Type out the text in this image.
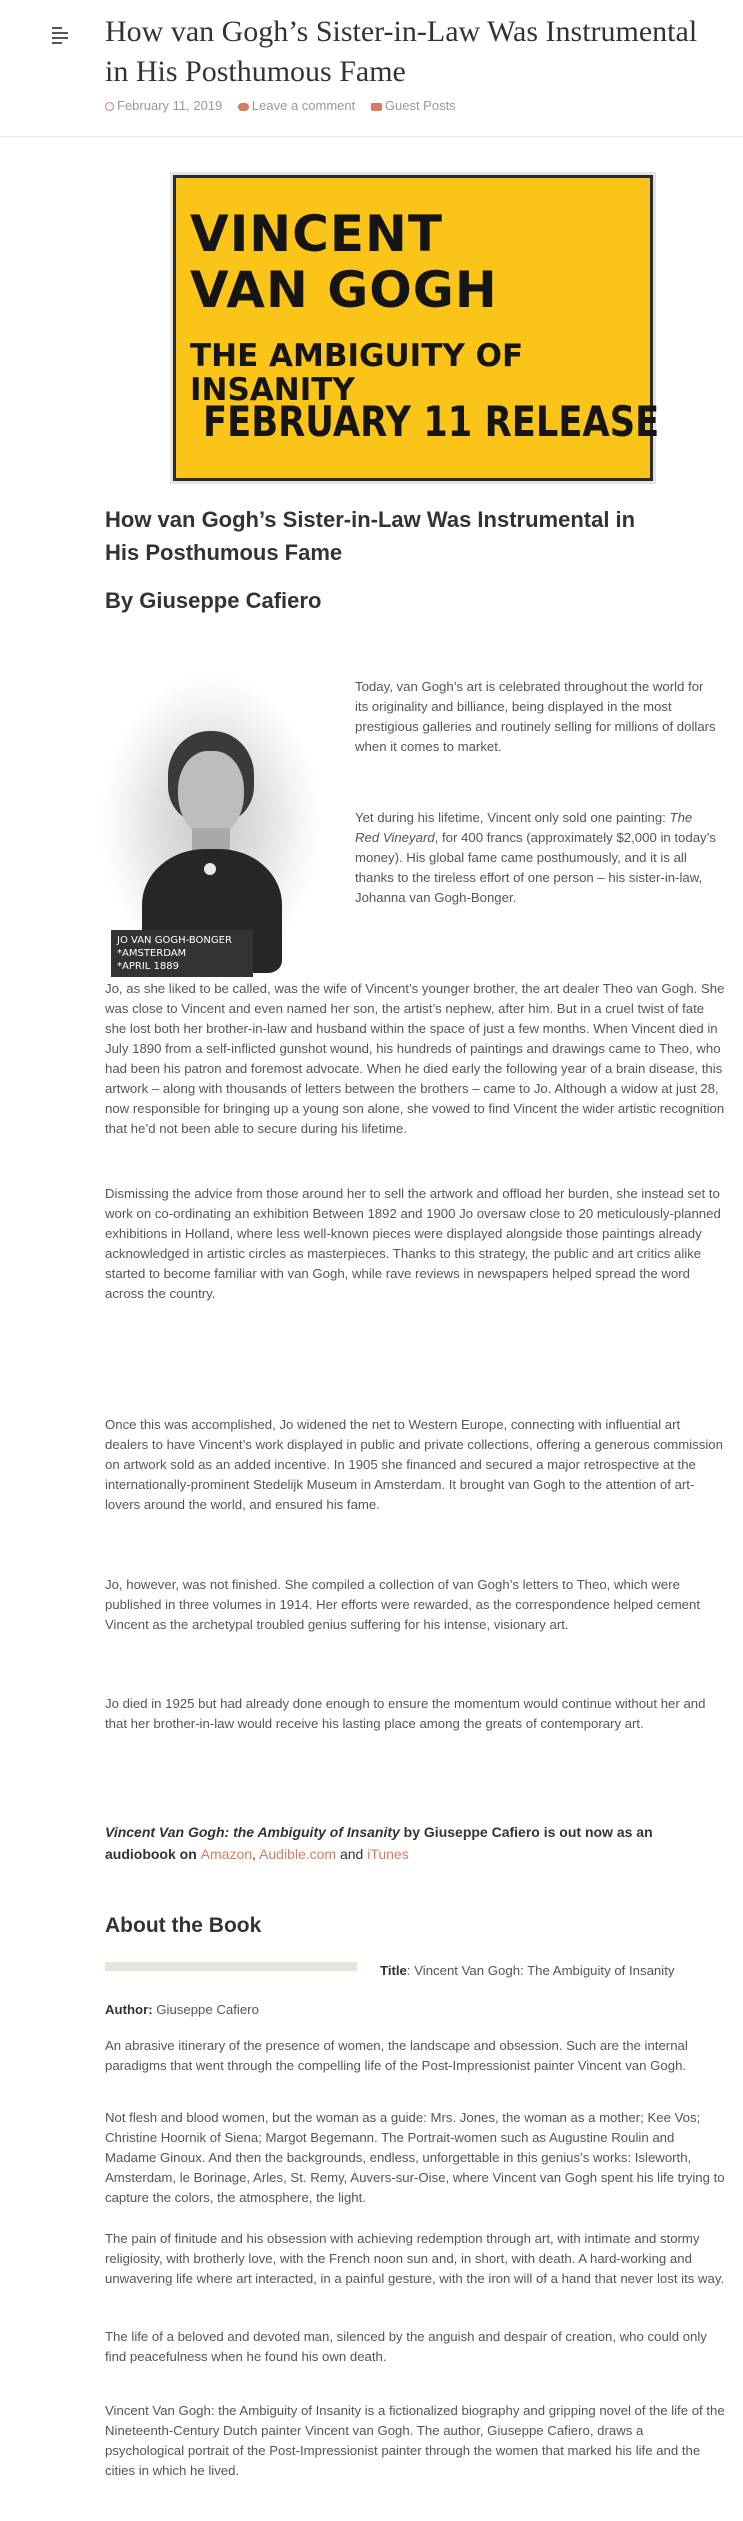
How van Gogh’s Sister-in-Law Was Instrumental in His Posthumous Fame
February 11, 2019 Leave a comment Guest Posts
VINCENT
VAN GOGH
THE AMBIGUITY OF INSANITY
FEBRUARY 11 RELEASE
How van Gogh’s Sister-in-Law Was Instrumental in His Posthumous Fame
By Giuseppe Cafiero
JO VAN GOGH-BONGER
*AMSTERDAM
*APRIL 1889

Today, van Gogh’s art is celebrated throughout the world for its originality and billiance, being displayed in the most prestigious galleries and routinely selling for millions of dollars when it comes to market.

Yet during his lifetime, Vincent only sold one painting: The Red Vineyard, for 400 francs (approximately $2,000 in today’s money). His global fame came posthumously, and it is all thanks to the tireless effort of one person – his sister-in-law, Johanna van Gogh-Bonger.

Jo, as she liked to be called, was the wife of Vincent’s younger brother, the art dealer Theo van Gogh. She was close to Vincent and even named her son, the artist’s nephew, after him. But in a cruel twist of fate she lost both her brother-in-law and husband within the space of just a few months. When Vincent died in July 1890 from a self-inflicted gunshot wound, his hundreds of paintings and drawings came to Theo, who had been his patron and foremost advocate. When he died early the following year of a brain disease, this artwork – along with thousands of letters between the brothers – came to Jo. Although a widow at just 28, now responsible for bringing up a young son alone, she vowed to find Vincent the wider artistic recognition that he’d not been able to secure during his lifetime.

Dismissing the advice from those around her to sell the artwork and offload her burden, she instead set to work on co-ordinating an exhibition Between 1892 and 1900 Jo oversaw close to 20 meticulously-planned exhibitions in Holland, where less well-known pieces were displayed alongside those paintings already acknowledged in artistic circles as masterpieces. Thanks to this strategy, the public and art critics alike started to become familiar with van Gogh, while rave reviews in newspapers helped spread the word across the country.

Once this was accomplished, Jo widened the net to Western Europe, connecting with influential art dealers to have Vincent’s work displayed in public and private collections, offering a generous commission on artwork sold as an added incentive. In 1905 she financed and secured a major retrospective at the internationally-prominent Stedelijk Museum in Amsterdam. It brought van Gogh to the attention of art-lovers around the world, and ensured his fame.

Jo, however, was not finished. She compiled a collection of van Gogh’s letters to Theo, which were published in three volumes in 1914. Her efforts were rewarded, as the correspondence helped cement Vincent as the archetypal troubled genius suffering for his intense, visionary art.

Jo died in 1925 but had already done enough to ensure the momentum would continue without her and that her brother-in-law would receive his lasting place among the greats of contemporary art.

Vincent Van Gogh: the Ambiguity of Insanity by Giuseppe Cafiero is out now as an audiobook on Amazon, Audible.com and iTunes
About the Book
Title: Vincent Van Gogh: The Ambiguity of Insanity
Author: Giuseppe Cafiero

An abrasive itinerary of the presence of women, the landscape and obsession. Such are the internal paradigms that went through the compelling life of the Post-Impressionist painter Vincent van Gogh.

Not flesh and blood women, but the woman as a guide: Mrs. Jones, the woman as a mother; Kee Vos; Christine Hoornik of Siena; Margot Begemann. The Portrait-women such as Augustine Roulin and Madame Ginoux. And then the backgrounds, endless, unforgettable in this genius’s works: Isleworth, Amsterdam, le Borinage, Arles, St. Remy, Auvers-sur-Oise, where Vincent van Gogh spent his life trying to capture the colors, the atmosphere, the light.

The pain of finitude and his obsession with achieving redemption through art, with intimate and stormy religiosity, with brotherly love, with the French noon sun and, in short, with death. A hard-working and unwavering life where art interacted, in a painful gesture, with the iron will of a hand that never lost its way.

The life of a beloved and devoted man, silenced by the anguish and despair of creation, who could only find peacefulness when he found his own death.

Vincent Van Gogh: the Ambiguity of Insanity is a fictionalized biography and gripping novel of the life of the Nineteenth-Century Dutch painter Vincent van Gogh. The author, Giuseppe Cafiero, draws a psychological portrait of the Post-Impressionist painter through the women that marked his life and the cities in which he lived.
